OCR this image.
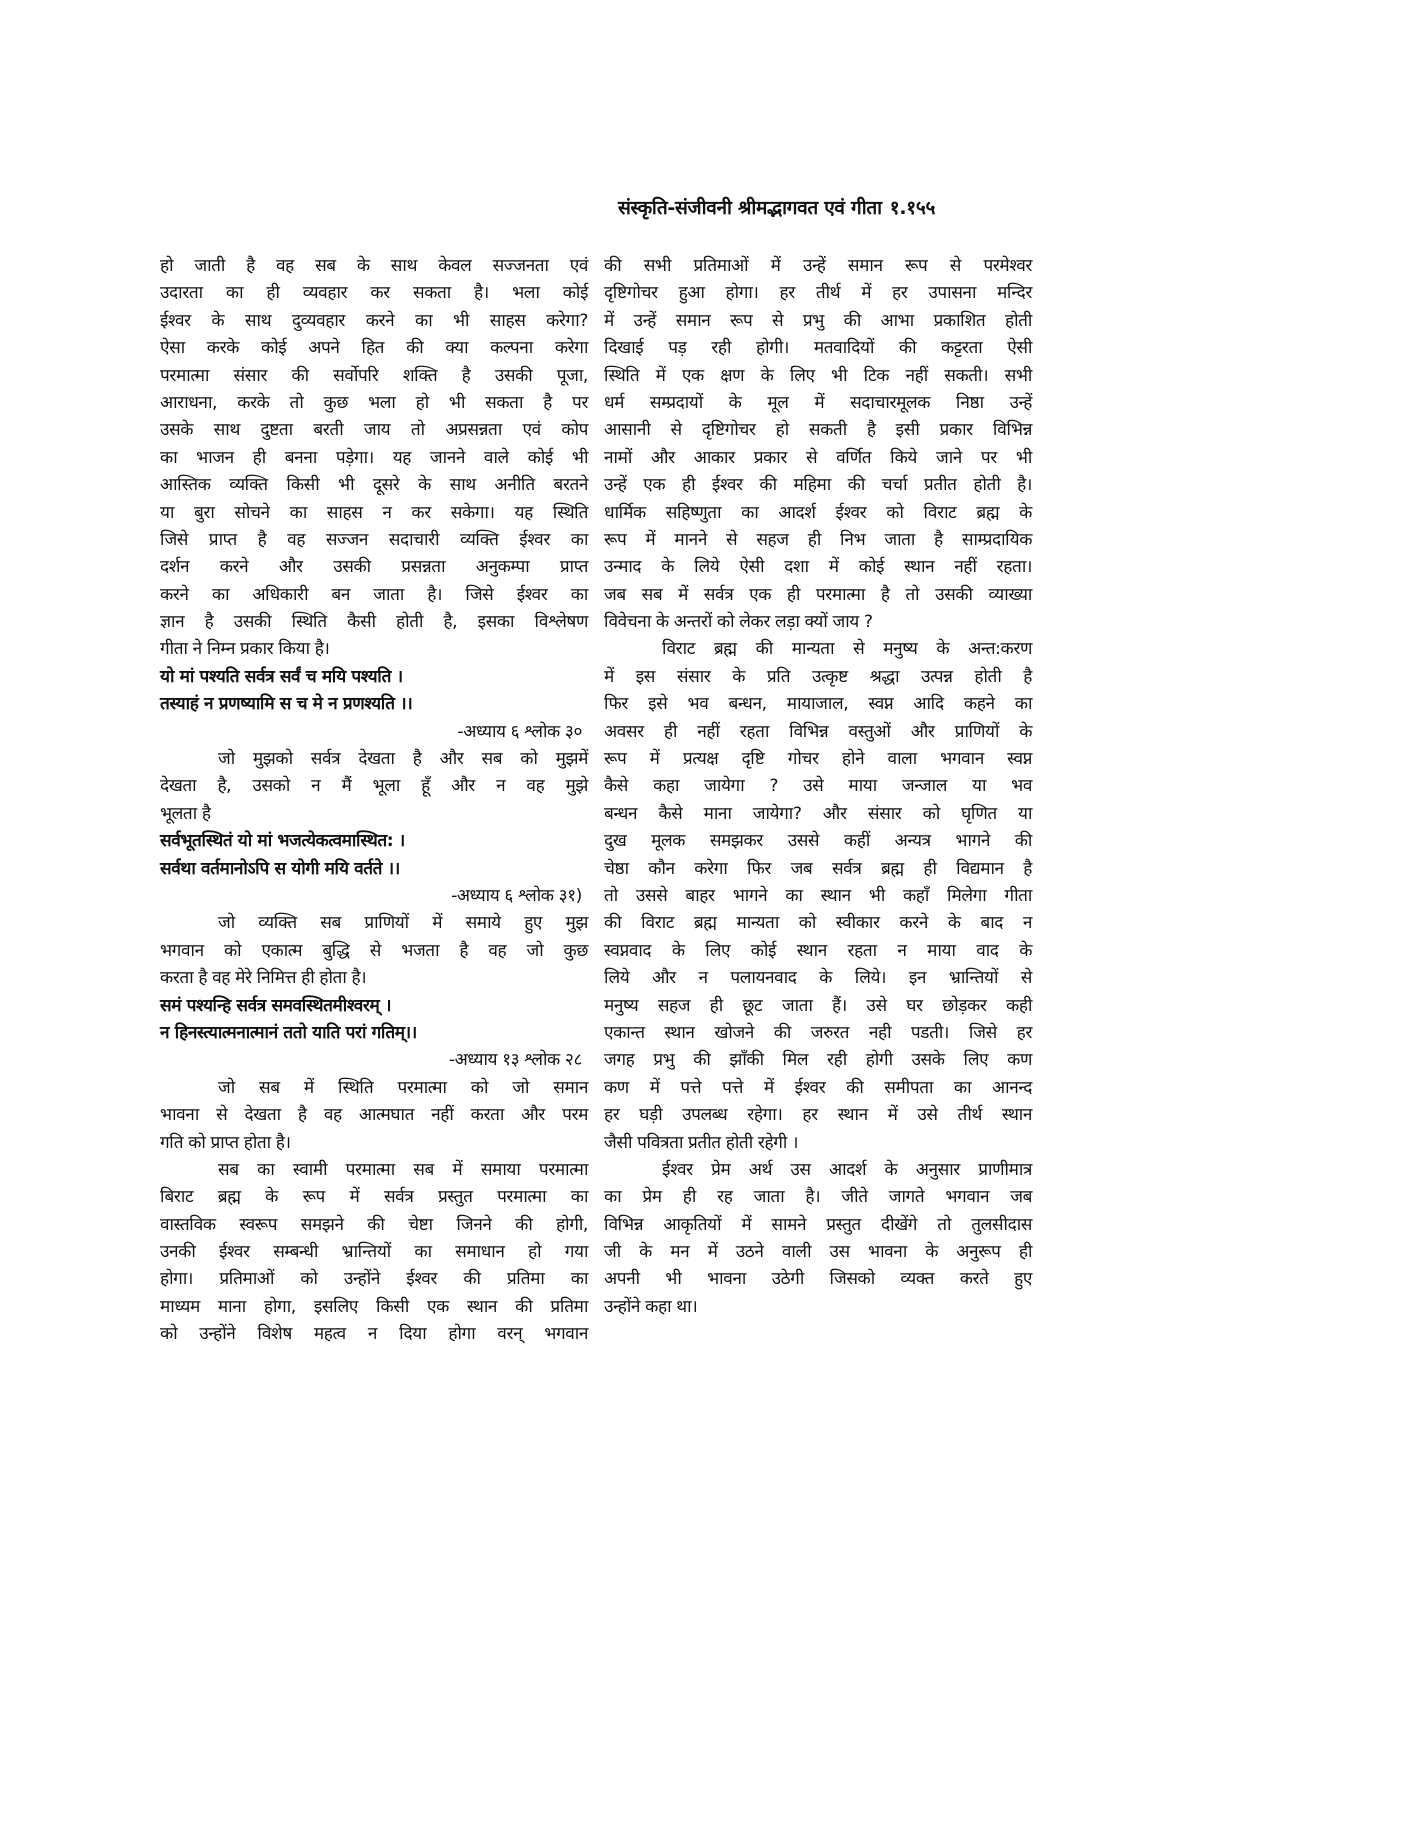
संस्कृति-संजीवनी श्रीमद्भागवत एवं गीता १.१५५
हो जाती है वह सब के साथ केवल सज्जनता एवं
उदारता का ही व्यवहार कर सकता है। भला कोई
ईश्वर के साथ दुव्यवहार करने का भी साहस करेगा?
ऐसा करके कोई अपने हित की क्या कल्पना करेगा
परमात्मा संसार की सर्वोपरि शक्ति है उसकी पूजा,
आराधना, करके तो कुछ भला हो भी सकता है पर
उसके साथ दुष्टता बरती जाय तो अप्रसन्नता एवं कोप
का भाजन ही बनना पड़ेगा। यह जानने वाले कोई भी
आस्तिक व्यक्ति किसी भी दूसरे के साथ अनीति बरतने
या बुरा सोचने का साहस न कर सकेगा। यह स्थिति
जिसे प्राप्त है वह सज्जन सदाचारी व्यक्ति ईश्वर का
दर्शन करने और उसकी प्रसन्नता अनुकम्पा प्राप्त
करने का अधिकारी बन जाता है। जिसे ईश्वर का
ज्ञान है उसकी स्थिति कैसी होती है, इसका विश्लेषण
गीता ने निम्न प्रकार किया है।
यो मां पश्यति सर्वत्र सर्वं च मयि पश्यति ।
तस्याहं न प्रणष्यामि स च मे न प्रणश्यति ।।
-अध्याय ६ श्लोक ३०
जो मुझको सर्वत्र देखता है और सब को मुझमें
देखता है, उसको न मैं भूला हूँ और न वह मुझे
भूलता है
सर्वभूतस्थितं यो मां भजत्येकत्वमास्थित: ।
सर्वथा वर्तमानोऽपि स योगी मयि वर्तते ।।
-अध्याय ६ श्लोक ३१)
जो व्यक्ति सब प्राणियों में समाये हुए मुझ
भगवान को एकात्म बुद्धि से भजता है वह जो कुछ
करता है वह मेरे निमित्त ही होता है।
समं पश्यन्हि सर्वत्र समवस्थितमीश्वरम् ।
न हिनस्त्यात्मनात्मानं ततो याति परां गतिम्।।
-अध्याय १३ श्लोक २८
जो सब में स्थिति परमात्मा को जो समान
भावना से देखता है वह आत्मघात नहीं करता और परम
गति को प्राप्त होता है।
सब का स्वामी परमात्मा सब में समाया परमात्मा
बिराट ब्रह्म के रूप में सर्वत्र प्रस्तुत परमात्मा का
वास्तविक स्वरूप समझने की चेष्टा जिनने की होगी,
उनकी ईश्वर सम्बन्धी भ्रान्तियों का समाधान हो गया
होगा। प्रतिमाओं को उन्होंने ईश्वर की प्रतिमा का
माध्यम माना होगा, इसलिए किसी एक स्थान की प्रतिमा
को उन्होंने विशेष महत्व न दिया होगा वरन् भगवान
की सभी प्रतिमाओं में उन्हें समान रूप से परमेश्वर
दृष्टिगोचर हुआ होगा। हर तीर्थ में हर उपासना मन्दिर
में उन्हें समान रूप से प्रभु की आभा प्रकाशित होती
दिखाई पड़ रही होगी। मतवादियों की कट्टरता ऐसी
स्थिति में एक क्षण के लिए भी टिक नहीं सकती। सभी
धर्म सम्प्रदायों के मूल में सदाचारमूलक निष्ठा उन्हें
आसानी से दृष्टिगोचर हो सकती है इसी प्रकार विभिन्न
नामों और आकार प्रकार से वर्णित किये जाने पर भी
उन्हें एक ही ईश्वर की महिमा की चर्चा प्रतीत होती है।
धार्मिक सहिष्णुता का आदर्श ईश्वर को विराट ब्रह्म के
रूप में मानने से सहज ही निभ जाता है साम्प्रदायिक
उन्माद के लिये ऐसी दशा में कोई स्थान नहीं रहता।
जब सब में सर्वत्र एक ही परमात्मा है तो उसकी व्याख्या
विवेचना के अन्तरों को लेकर लड़ा क्यों जाय ?
विराट ब्रह्म की मान्यता से मनुष्य के अन्त:करण
में इस संसार के प्रति उत्कृष्ट श्रद्धा उत्पन्न होती है
फिर इसे भव बन्धन, मायाजाल, स्वप्न आदि कहने का
अवसर ही नहीं रहता विभिन्न वस्तुओं और प्राणियों के
रूप में प्रत्यक्ष दृष्टि गोचर होने वाला भगवान स्वप्न
कैसे कहा जायेगा ? उसे माया जन्जाल या भव
बन्धन कैसे माना जायेगा? और संसार को घृणित या
दुख मूलक समझकर उससे कहीं अन्यत्र भागने की
चेष्ठा कौन करेगा फिर जब सर्वत्र ब्रह्म ही विद्यमान है
तो उससे बाहर भागने का स्थान भी कहाँ मिलेगा गीता
की विराट ब्रह्म मान्यता को स्वीकार करने के बाद न
स्वप्नवाद के लिए कोई स्थान रहता न माया वाद के
लिये और न पलायनवाद के लिये। इन भ्रान्तियों से
मनुष्य सहज ही छूट जाता हैं। उसे घर छोड़कर कही
एकान्त स्थान खोजने की जरुरत नही पडती। जिसे हर
जगह प्रभु की झाँकी मिल रही होगी उसके लिए कण
कण में पत्ते पत्ते में ईश्वर की समीपता का आनन्द
हर घड़ी उपलब्ध रहेगा। हर स्थान में उसे तीर्थ स्थान
जैसी पवित्रता प्रतीत होती रहेगी ।
ईश्वर प्रेम अर्थ उस आदर्श के अनुसार प्राणीमात्र
का प्रेम ही रह जाता है। जीते जागते भगवान जब
विभिन्न आकृतियों में सामने प्रस्तुत दीखेंगे तो तुलसीदास
जी के मन में उठने वाली उस भावना के अनुरूप ही
अपनी भी भावना उठेगी जिसको व्यक्त करते हुए
उन्होंने कहा था।
